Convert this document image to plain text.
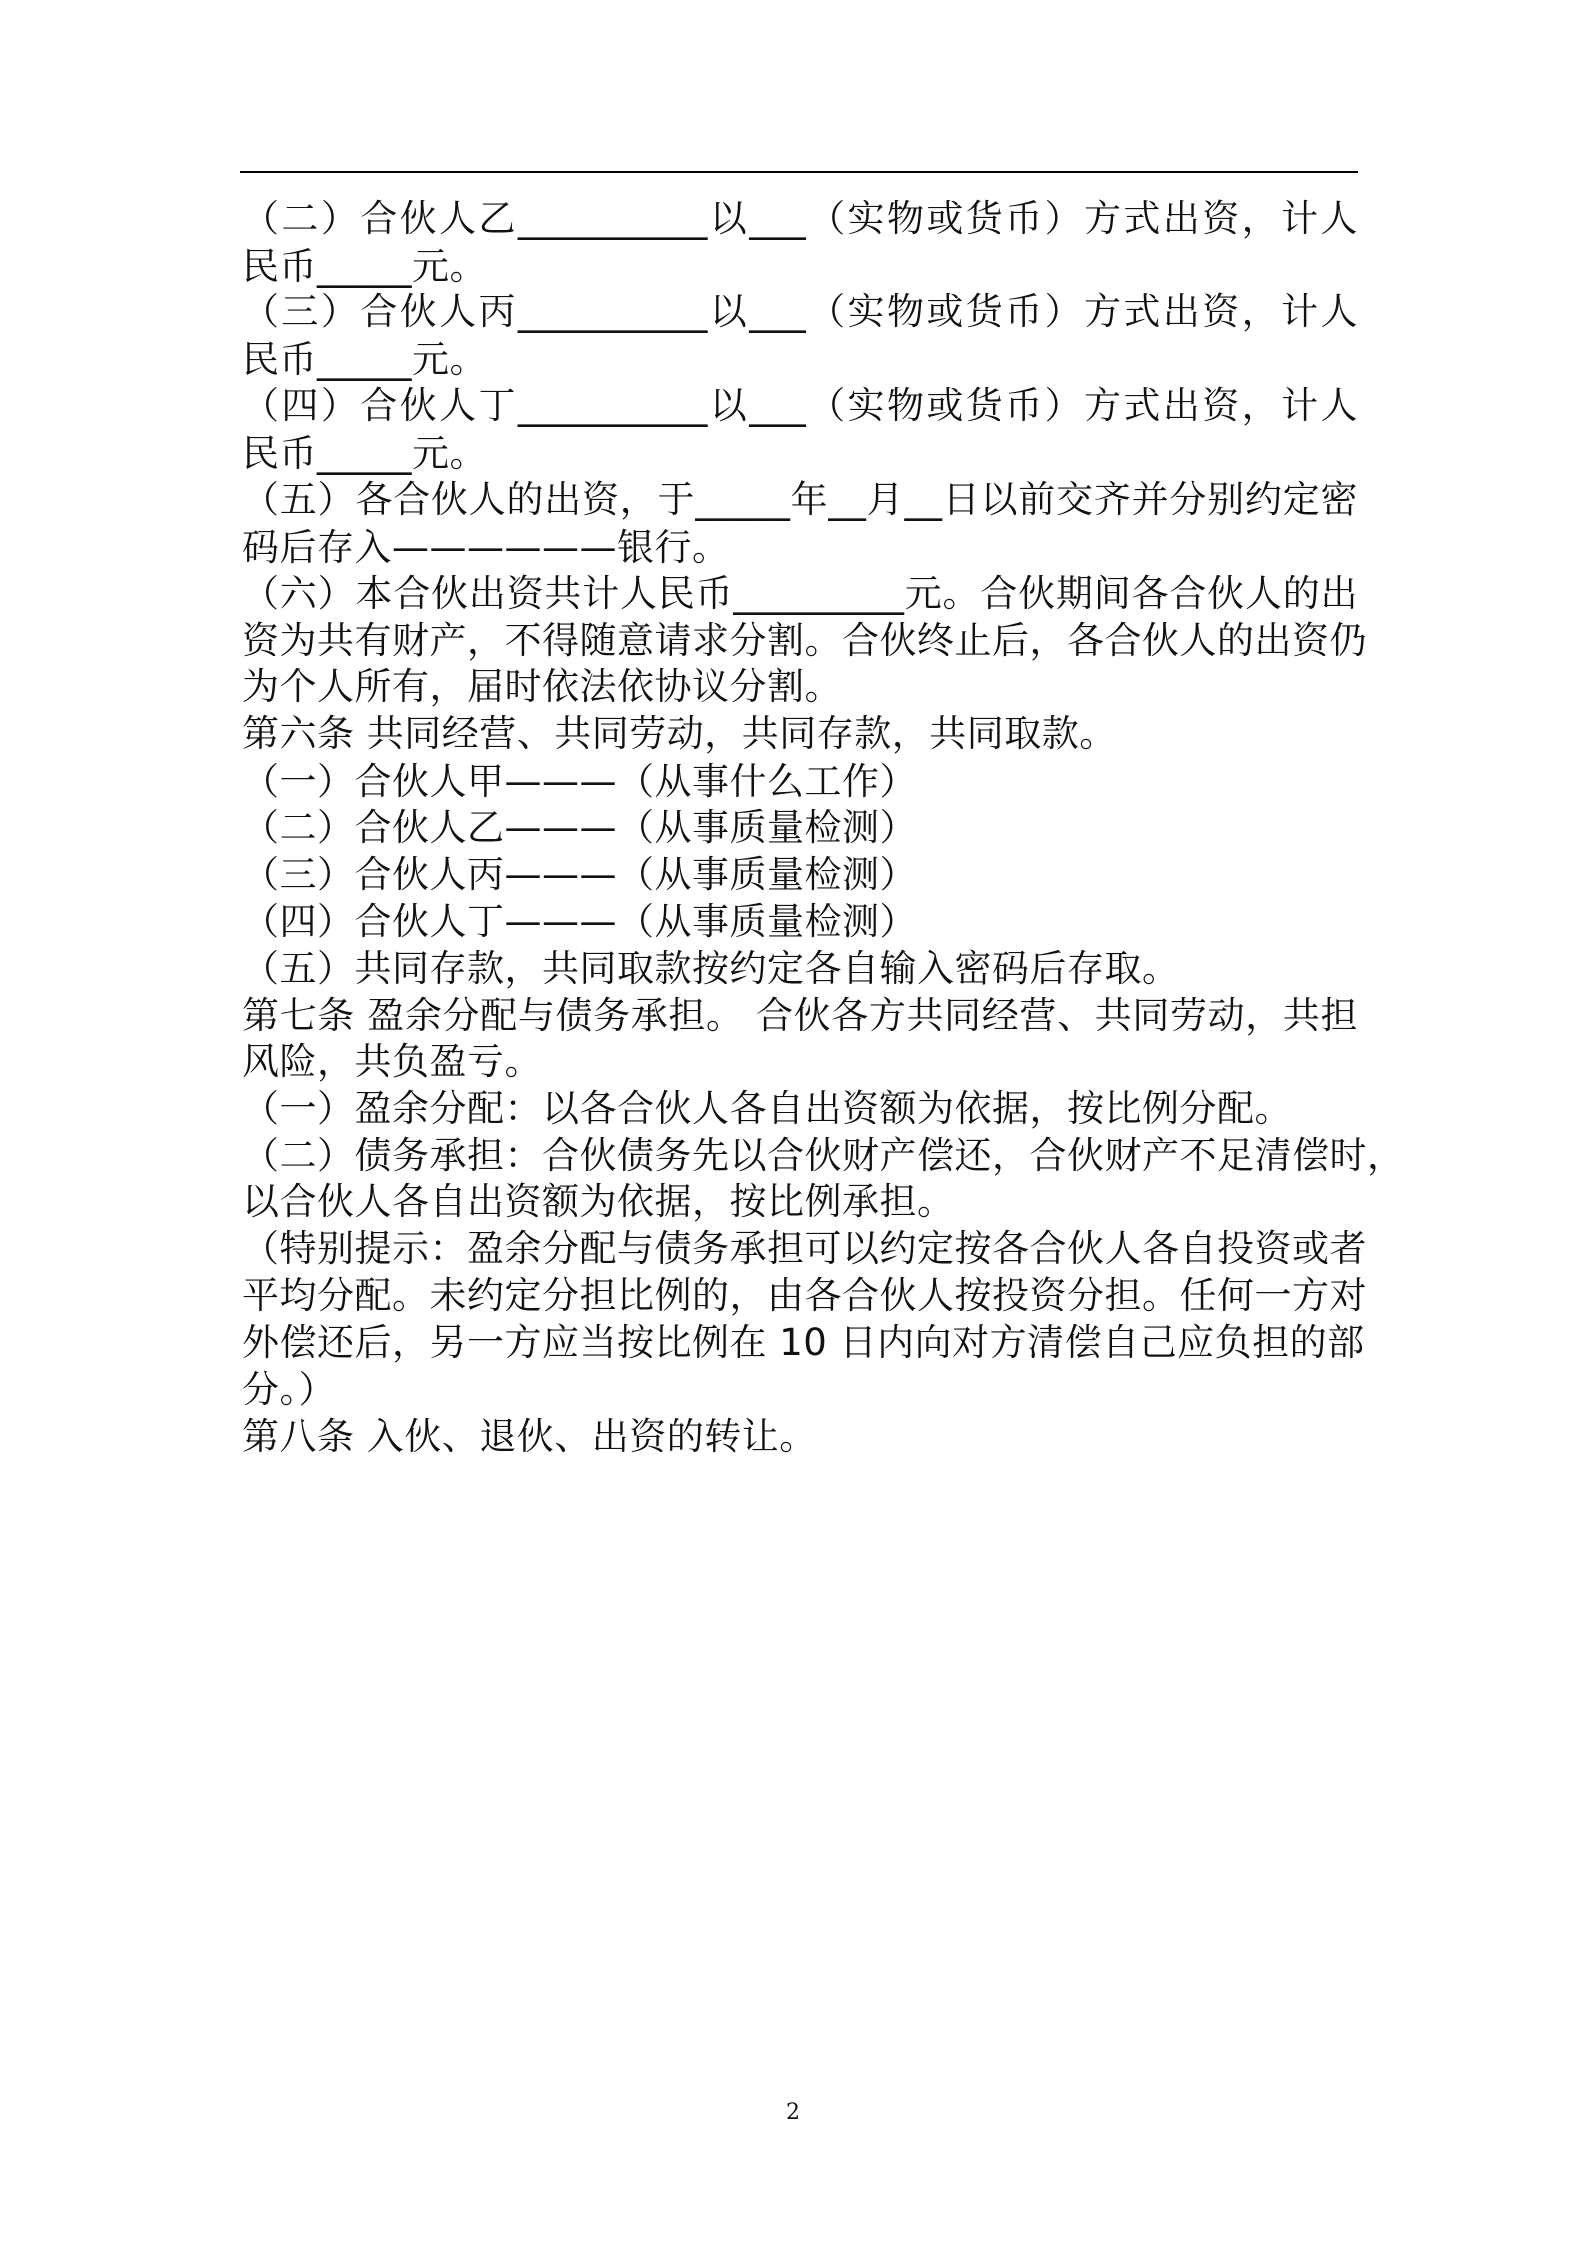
（二）合伙人乙__________以___（实物或货币）方式出资，计人
民币_____元。
（三）合伙人丙__________以___（实物或货币）方式出资，计人
民币_____元。
（四）合伙人丁__________以___（实物或货币）方式出资，计人
民币_____元。
（五）各合伙人的出资，于_____年__月__日以前交齐并分别约定密
码后存入——————银行。
（六）本合伙出资共计人民币_________元。合伙期间各合伙人的出
资为共有财产，不得随意请求分割。合伙终止后，各合伙人的出资仍
为个人所有，届时依法依协议分割。
第六条 共同经营、共同劳动，共同存款，共同取款。
（一）合伙人甲———（从事什么工作）
（二）合伙人乙———（从事质量检测）
（三）合伙人丙———（从事质量检测）
（四）合伙人丁———（从事质量检测）
（五）共同存款，共同取款按约定各自输入密码后存取。
第七条 盈余分配与债务承担。 合伙各方共同经营、共同劳动，共担
风险，共负盈亏。
（一）盈余分配：以各合伙人各自出资额为依据，按比例分配。
（二）债务承担：合伙债务先以合伙财产偿还，合伙财产不足清偿时，
以合伙人各自出资额为依据，按比例承担。
（特别提示：盈余分配与债务承担可以约定按各合伙人各自投资或者
平均分配。未约定分担比例的，由各合伙人按投资分担。任何一方对
外偿还后，另一方应当按比例在 10 日内向对方清偿自己应负担的部
分。）
第八条 入伙、退伙、出资的转让。
2
